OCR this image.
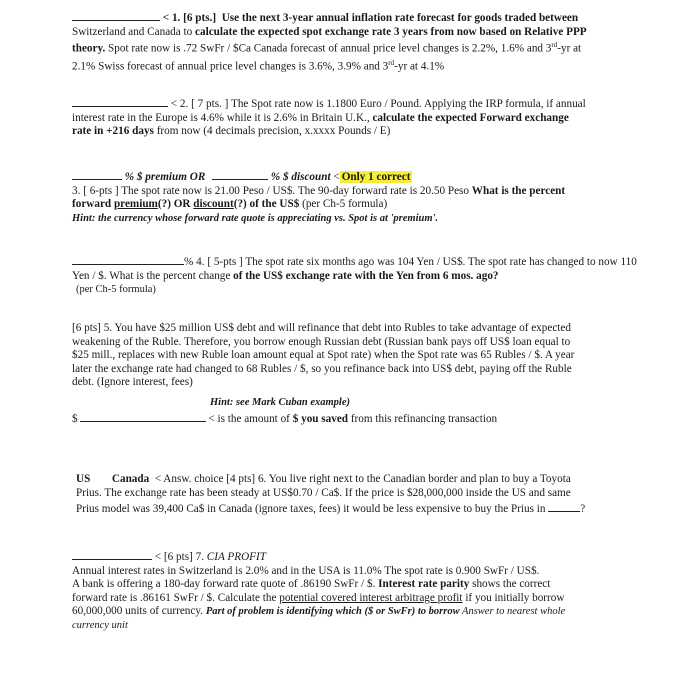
< 1. [6 pts.] Use the next 3-year annual inflation rate forecast for goods traded between
Switzerland and Canada to calculate the expected spot exchange rate 3 years from now based on Relative PPP
theory. Spot rate now is .72 SwFr / $Ca Canada forecast of annual price level changes is 2.2%, 1.6% and 3rd-yr at
2.1% Swiss forecast of annual price level changes is 3.6%, 3.9% and 3rd-yr at 4.1%
< 2. [ 7 pts. ] The Spot rate now is 1.1800 Euro / Pound. Applying the IRP formula, if annual
interest rate in the Europe is 4.6% while it is 2.6% in Britain U.K., calculate the expected Forward exchange
rate in +216 days from now (4 decimals precision, x.xxxx Pounds / E)
% $ premium OR	% $ discount < Only 1 correct
3. [ 6-pts ] The spot rate now is 21.00 Peso / US$. The 90-day forward rate is 20.50 Peso What is the percent
forward premium(?) OR discount(?) of the US$ (per Ch-5 formula)
Hint: the currency whose forward rate quote is appreciating vs. Spot is at 'premium'.
% 4. [ 5-pts ] The spot rate six months ago was 104 Yen / US$. The spot rate has changed to now 110
Yen / $. What is the percent change of the US$ exchange rate with the Yen from 6 mos. ago?
(per Ch-5 formula)
[6 pts] 5. You have $25 million US$ debt and will refinance that debt into Rubles to take advantage of expected
weakening of the Ruble. Therefore, you borrow enough Russian debt (Russian bank pays off US$ loan equal to
$25 mill., replaces with new Ruble loan amount equal at Spot rate) when the Spot rate was 65 Rubles / $. A year
later the exchange rate had changed to 68 Rubles / $, so you refinance back into US$ debt, paying off the Ruble
debt. (Ignore interest, fees)
Hint: see Mark Cuban example)
$	< is the amount of $ you saved from this refinancing transaction
US Canada < Answ. choice [4 pts] 6. You live right next to the Canadian border and plan to buy a Toyota
Prius. The exchange rate has been steady at US$0.70 / Ca$. If the price is $28,000,000 inside the US and same
Prius model was 39,400 Ca$ in Canada (ignore taxes, fees) it would be less expensive to buy the Prius in	?
< [6 pts] 7. CIA PROFIT
Annual interest rates in Switzerland is 2.0% and in the USA is 11.0% The spot rate is 0.900 SwFr / US$.
A bank is offering a 180-day forward rate quote of .86190 SwFr / $. Interest rate parity shows the correct
forward rate is .86161 SwFr / $. Calculate the potential covered interest arbitrage profit if you initially borrow
60,000,000 units of currency. Part of problem is identifying which ($ or SwFr) to borrow Answer to nearest whole
currency unit
